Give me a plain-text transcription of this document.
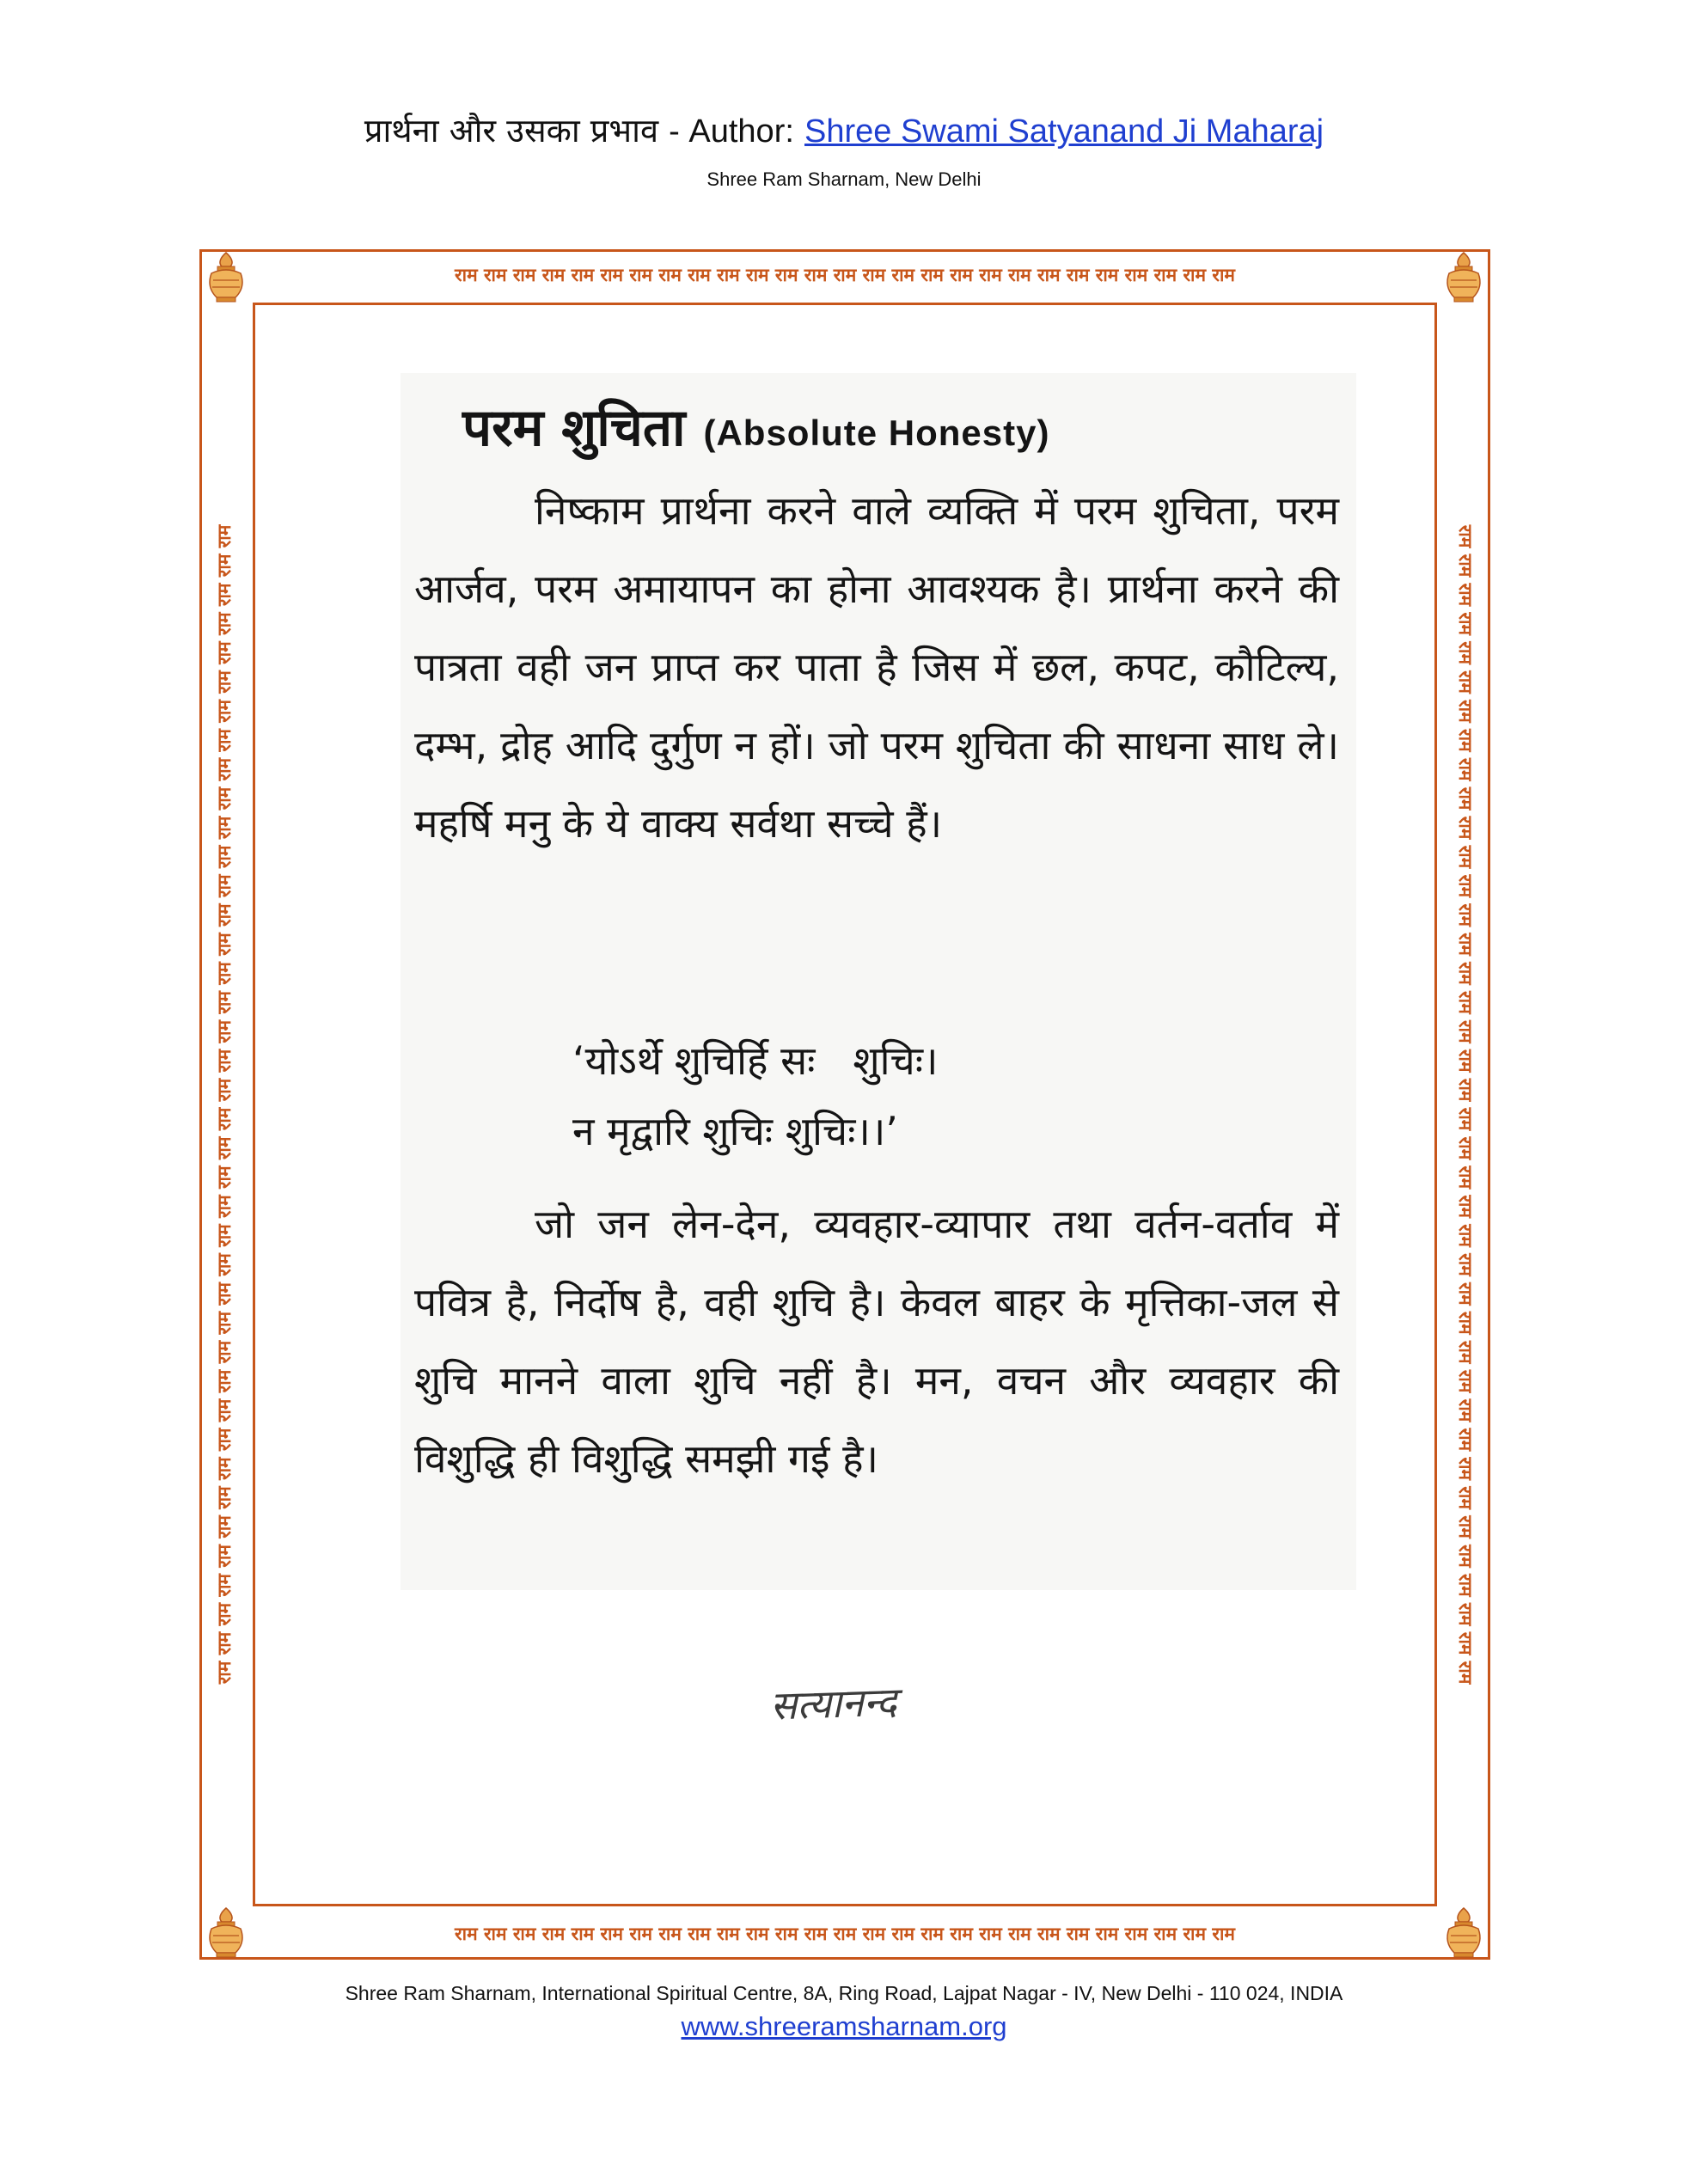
प्रार्थना और उसका प्रभाव - Author: Shree Swami Satyanand Ji Maharaj
Shree Ram Sharnam, New Delhi
राम राम राम राम राम राम राम राम राम राम राम राम राम राम राम राम राम राम राम राम राम राम राम राम राम राम राम
राम राम राम राम राम राम राम राम राम राम राम राम राम राम राम राम राम राम राम राम राम राम राम राम राम राम राम
राम राम राम राम राम राम राम राम राम राम राम राम राम राम राम राम राम राम राम राम राम राम राम राम राम राम राम राम राम राम राम राम राम राम राम राम राम राम राम राम	राम राम राम राम राम राम राम राम राम राम राम राम राम राम राम राम राम राम राम राम राम राम राम राम राम राम राम राम राम राम राम राम राम राम राम राम राम राम राम राम
परम शुचिता (Absolute Honesty)
निष्काम प्रार्थना करने वाले व्यक्ति में परम शुचिता, परम आर्जव, परम अमायापन का होना आवश्यक है। प्रार्थना करने की पात्रता वही जन प्राप्त कर पाता है जिस में छल, कपट, कौटिल्य, दम्भ, द्रोह आदि दुर्गुण न हों। जो परम शुचिता की साधना साध ले। महर्षि मनु के ये वाक्य सर्वथा सच्चे हैं।
‘योऽर्थे शुचिर्हि सः   शुचिः।
न मृद्वारि शुचिः शुचिः।।’
जो जन लेन-देन, व्यवहार-व्यापार तथा वर्तन-वर्ताव में पवित्र है, निर्दोष है, वही शुचि है। केवल बाहर के मृत्तिका-जल से शुचि मानने वाला शुचि नहीं है। मन, वचन और व्यवहार की विशुद्धि ही विशुद्धि समझी गई है।
सत्यानन्द
Shree Ram Sharnam, International Spiritual Centre, 8A, Ring Road, Lajpat Nagar - IV, New Delhi - 110 024, INDIA
www.shreeramsharnam.org
